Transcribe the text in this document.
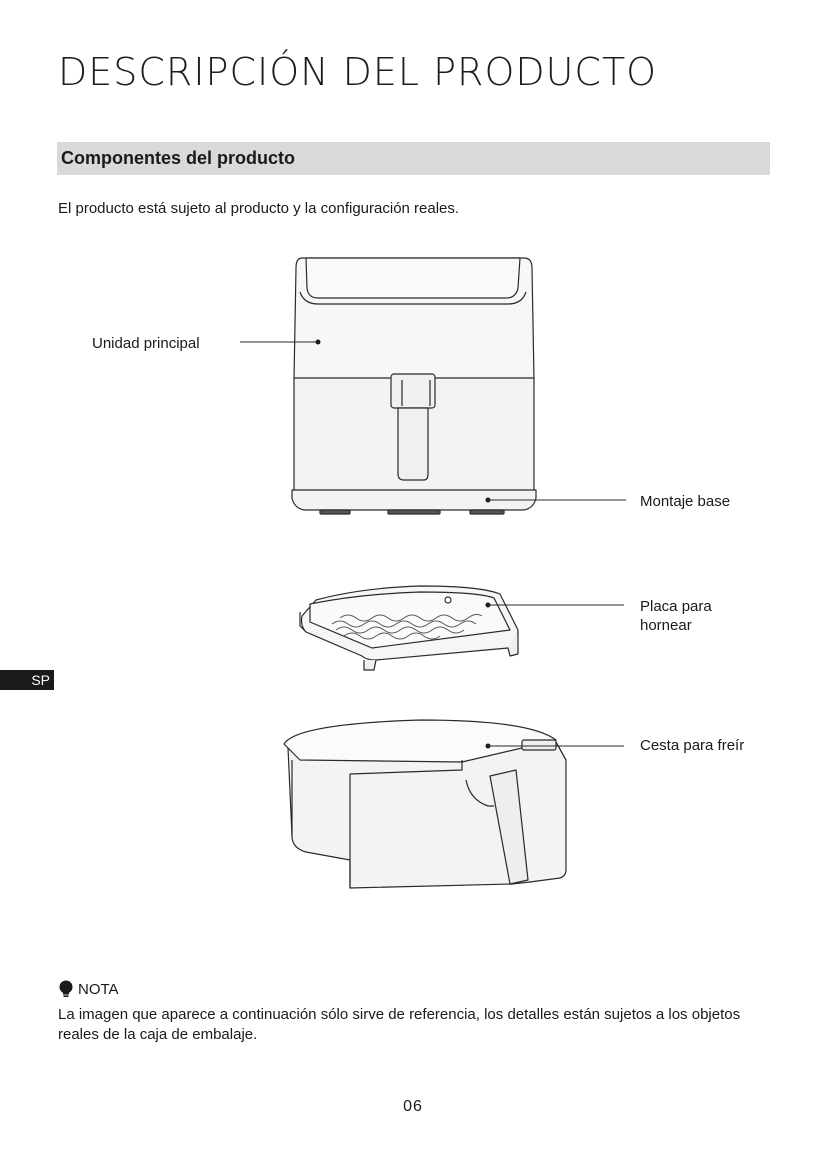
DESCRIPCIÓN DEL PRODUCTO
Componentes del producto

El producto está sujeto al producto y la configuración reales.

Unidad principal
Montaje base
Placa para
hornear
Cesta para freír
SP
NOTA

La imagen que aparece a continuación sólo sirve de referencia, los detalles están sujetos a los objetos reales de la caja de embalaje.

06
